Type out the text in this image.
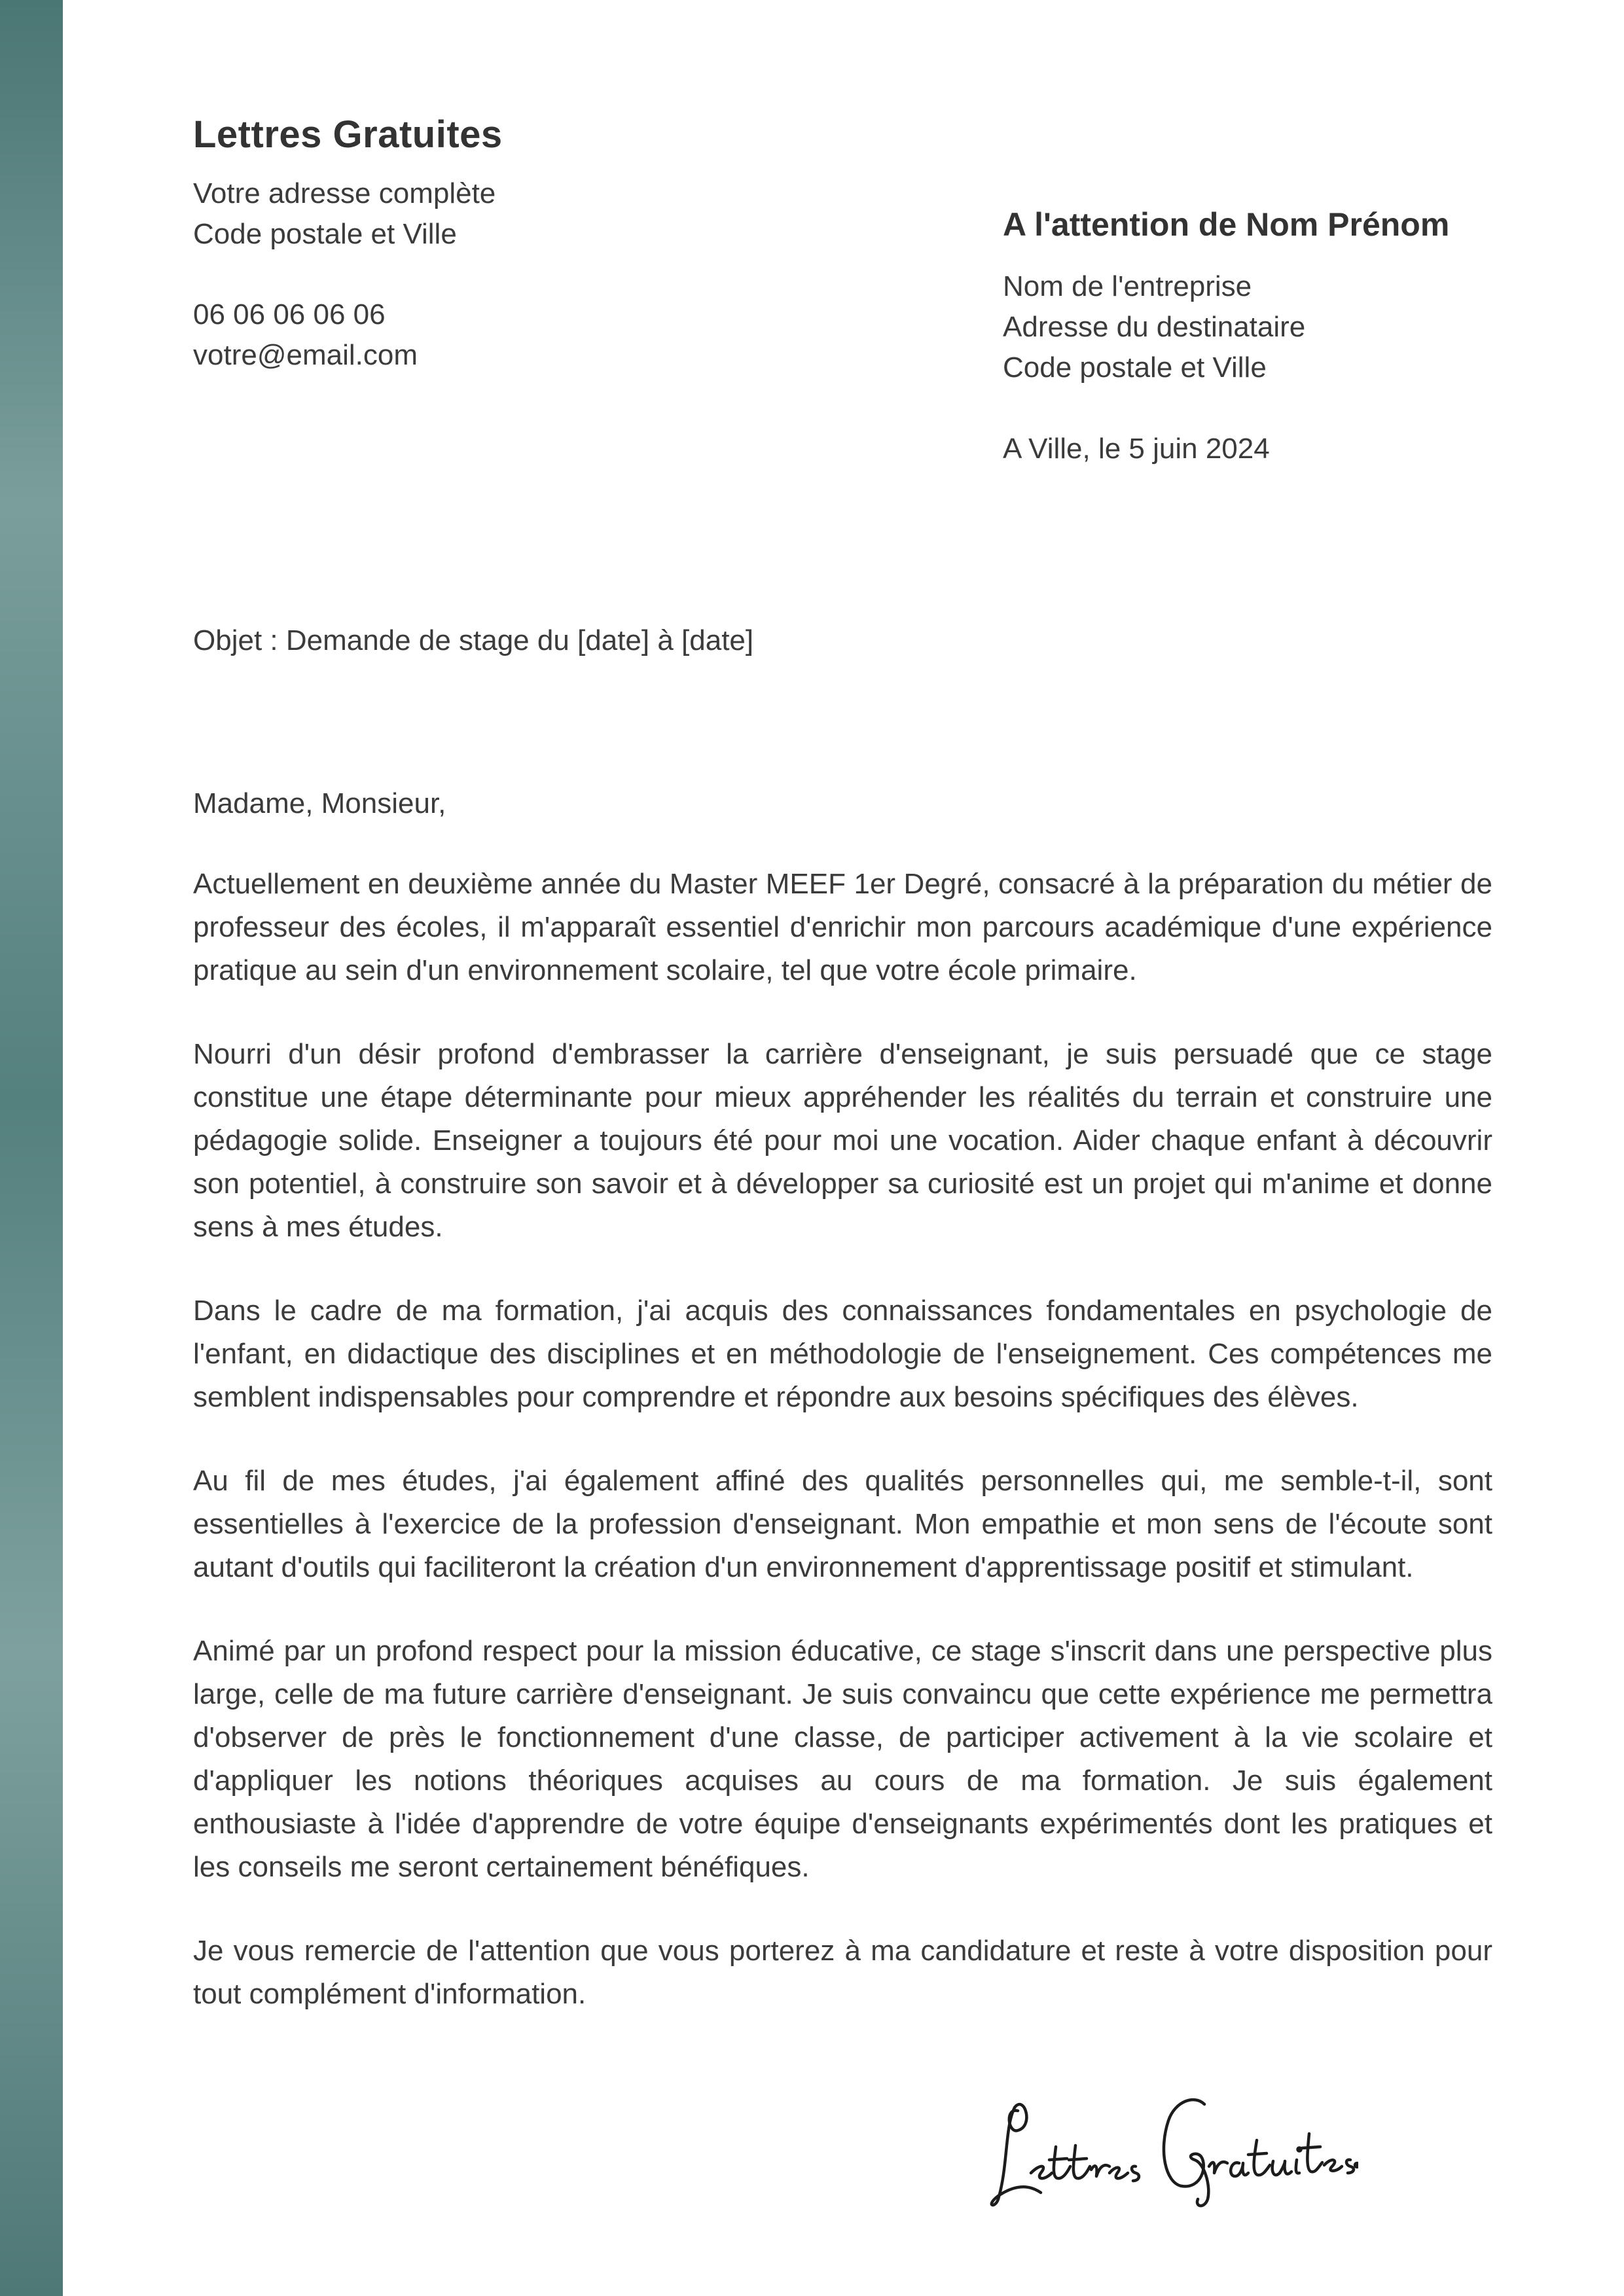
Lettres Gratuites
Votre adresse complète
Code postale et Ville
06 06 06 06 06
votre@email.com
A l'attention de Nom Prénom
Nom de l'entreprise
Adresse du destinataire
Code postale et Ville
A Ville, le 5 juin 2024
Objet : Demande de stage du [date] à [date]
Madame, Monsieur,

Actuellement en deuxième année du Master MEEF 1er Degré, consacré à la préparation du métier de professeur des écoles, il m'apparaît essentiel d'enrichir mon parcours académique d'une expérience pratique au sein d'un environnement scolaire, tel que votre école primaire.

Nourri d'un désir profond d'embrasser la carrière d'enseignant, je suis persuadé que ce stage constitue une étape déterminante pour mieux appréhender les réalités du terrain et construire une pédagogie solide. Enseigner a toujours été pour moi une vocation. Aider chaque enfant à découvrir son potentiel, à construire son savoir et à développer sa curiosité est un projet qui m'anime et donne sens à mes études.

Dans le cadre de ma formation, j'ai acquis des connaissances fondamentales en psychologie de l'enfant, en didactique des disciplines et en méthodologie de l'enseignement. Ces compétences me semblent indispensables pour comprendre et répondre aux besoins spécifiques des élèves.

Au fil de mes études, j'ai également affiné des qualités personnelles qui, me semble-t-il, sont essentielles à l'exercice de la profession d'enseignant. Mon empathie et mon sens de l'écoute sont autant d'outils qui faciliteront la création d'un environnement d'apprentissage positif et stimulant.

Animé par un profond respect pour la mission éducative, ce stage s'inscrit dans une perspective plus large, celle de ma future carrière d'enseignant. Je suis convaincu que cette expérience me permettra d'observer de près le fonctionnement d'une classe, de participer activement à la vie scolaire et d'appliquer les notions théoriques acquises au cours de ma formation. Je suis également enthousiaste à l'idée d'apprendre de votre équipe d'enseignants expérimentés dont les pratiques et les conseils me seront certainement bénéfiques.

Je vous remercie de l'attention que vous porterez à ma candidature et reste à votre disposition pour tout complément d'information.
